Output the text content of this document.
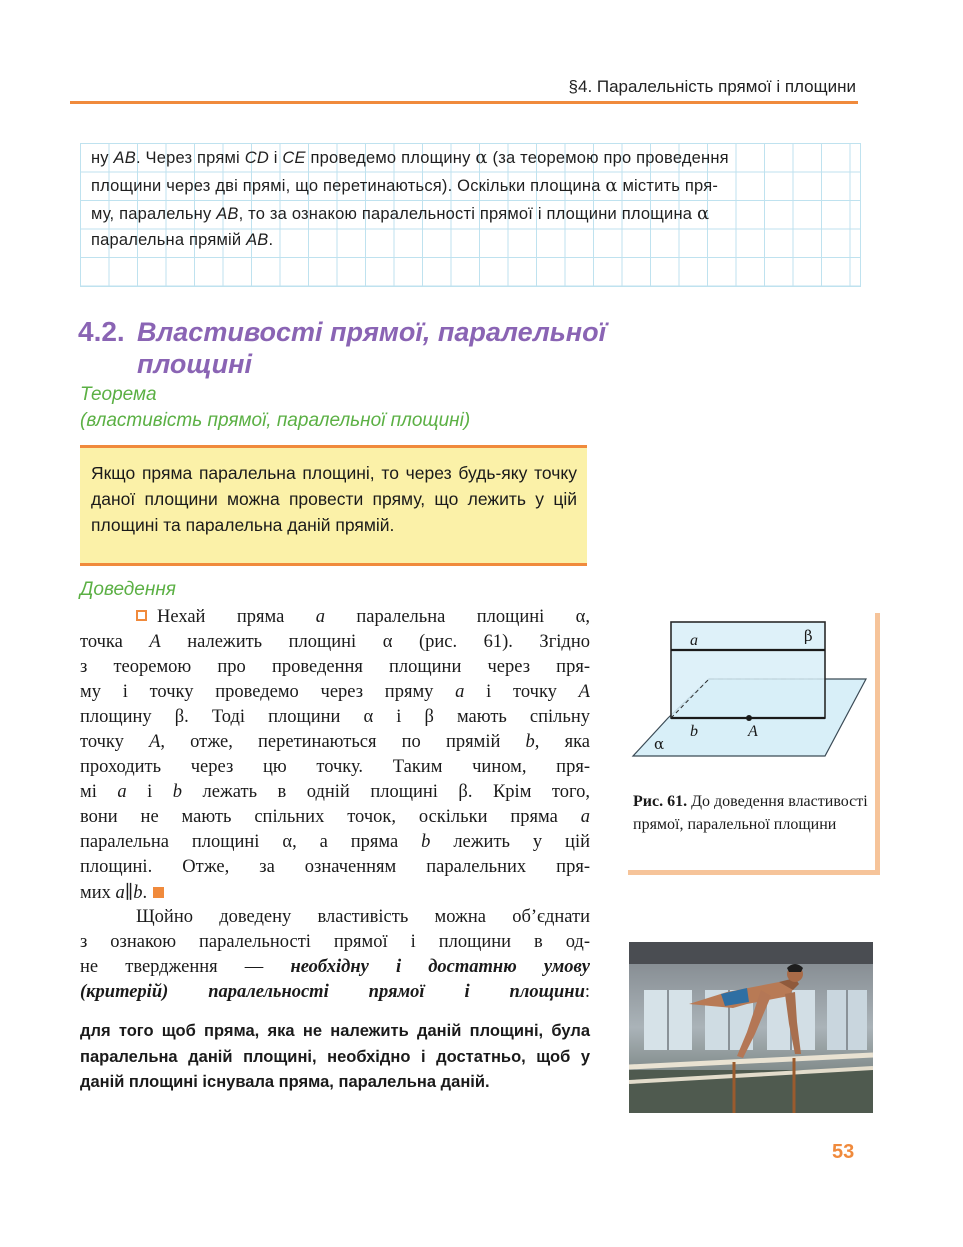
§4. Паралельність прямої і площини
ну AB. Через прямі CD і CE проведемо площину α (за теоремою про проведення
площини через дві прямі, що перетинаються). Оскільки площина α містить пря-
му, паралельну AB, то за ознакою паралельності прямої і площини площина α
паралельна прямій AB.
4.2. Властивості прямої, паралельної площині
Теорема
(властивість прямої, паралельної площині)
Якщо пряма паралельна площині, то через будь-яку точку даної площини можна провести пряму, що лежить у цій площині та паралельна даній прямій.
Доведення
Нехай пряма a паралельна площині α,
точка A належить площині α (рис. 61). Згідно
з теоремою про проведення площини через пря-
му і точку проведемо через пряму a і точку A
площину β. Тоді площини α і β мають спільну
точку A, отже, перетинаються по прямій b, яка
проходить через цю точку. Таким чином, пря-
мі a і b лежать в одній площині β. Крім того,
вони не мають спільних точок, оскільки пряма a
паралельна площині α, а пряма b лежить у цій
площині. Отже, за означенням паралельних пря-
мих a∥b.
Щойно доведену властивість можна об’єднати
з ознакою паралельності прямої і площини в од-
не твердження — необхідну і достатню умову
(критерій) паралельності прямої і площини:
для того щоб пряма, яка не належить даній площині, була паралельна даній площині, необхідно і достатньо, щоб у даній площині існувала пряма, паралельна даній.
a	β
b	A
α
Рис. 61. До доведення властивості прямої, паралельної площини
53
